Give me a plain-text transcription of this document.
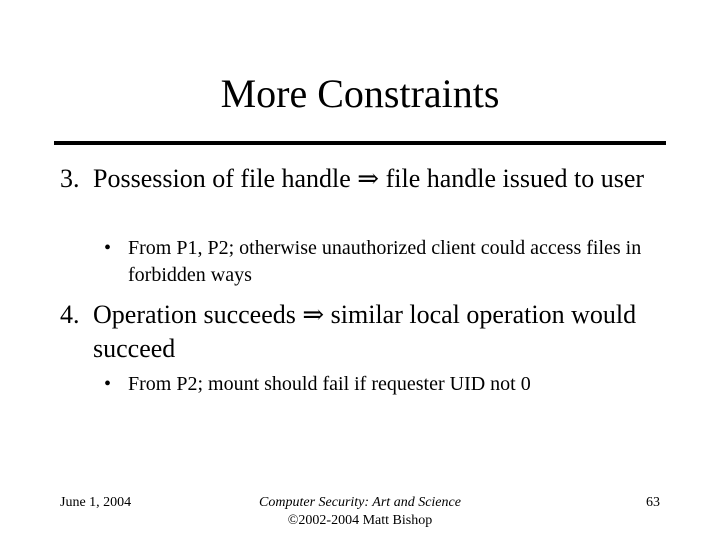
More Constraints
3. Possession of file handle ⇒ file handle issued to user
• From P1, P2; otherwise unauthorized client could access files in forbidden ways
4. Operation succeeds ⇒ similar local operation would succeed
• From P2; mount should fail if requester UID not 0
June 1, 2004	Computer Security: Art and Science
©2002-2004 Matt Bishop
63
